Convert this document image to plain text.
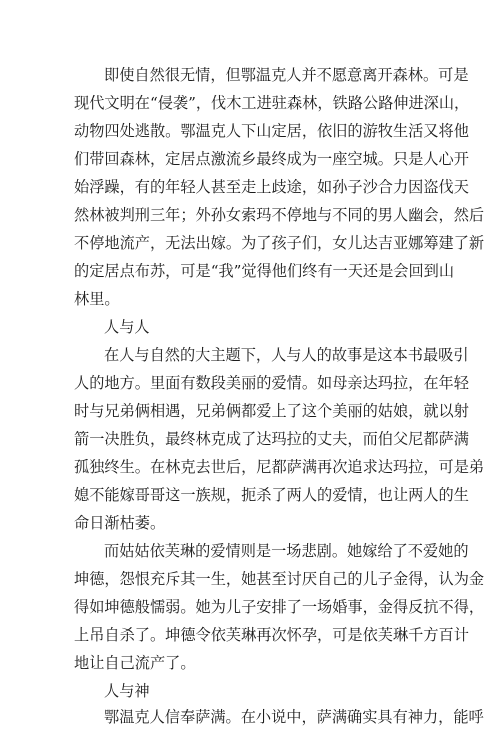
即使自然很无情，但鄂温克人并不愿意离开森林。可是
现代文明在“侵袭”，伐木工进驻森林，铁路公路伸进深山，
动物四处逃散。鄂温克人下山定居，依旧的游牧生活又将他
们带回森林，定居点激流乡最终成为一座空城。只是人心开
始浮躁，有的年轻人甚至走上歧途，如孙子沙合力因盗伐天
然林被判刑三年；外孙女索玛不停地与不同的男人幽会，然后
不停地流产，无法出嫁。为了孩子们，女儿达吉亚娜筹建了新
的定居点布苏，可是“我”觉得他们终有一天还是会回到山
林里。
人与人
在人与自然的大主题下，人与人的故事是这本书最吸引
人的地方。里面有数段美丽的爱情。如母亲达玛拉，在年轻
时与兄弟俩相遇，兄弟俩都爱上了这个美丽的姑娘，就以射
箭一决胜负，最终林克成了达玛拉的丈夫，而伯父尼都萨满
孤独终生。在林克去世后，尼都萨满再次追求达玛拉，可是弟
媳不能嫁哥哥这一族规，扼杀了两人的爱情，也让两人的生
命日渐枯萎。
而姑姑依芙琳的爱情则是一场悲剧。她嫁给了不爱她的
坤德，怨恨充斥其一生，她甚至讨厌自己的儿子金得，认为金
得如坤德般懦弱。她为儿子安排了一场婚事，金得反抗不得，
上吊自杀了。坤德令依芙琳再次怀孕，可是依芙琳千方百计
地让自己流产了。
人与神
鄂温克人信奉萨满。在小说中，萨满确实具有神力，能呼
